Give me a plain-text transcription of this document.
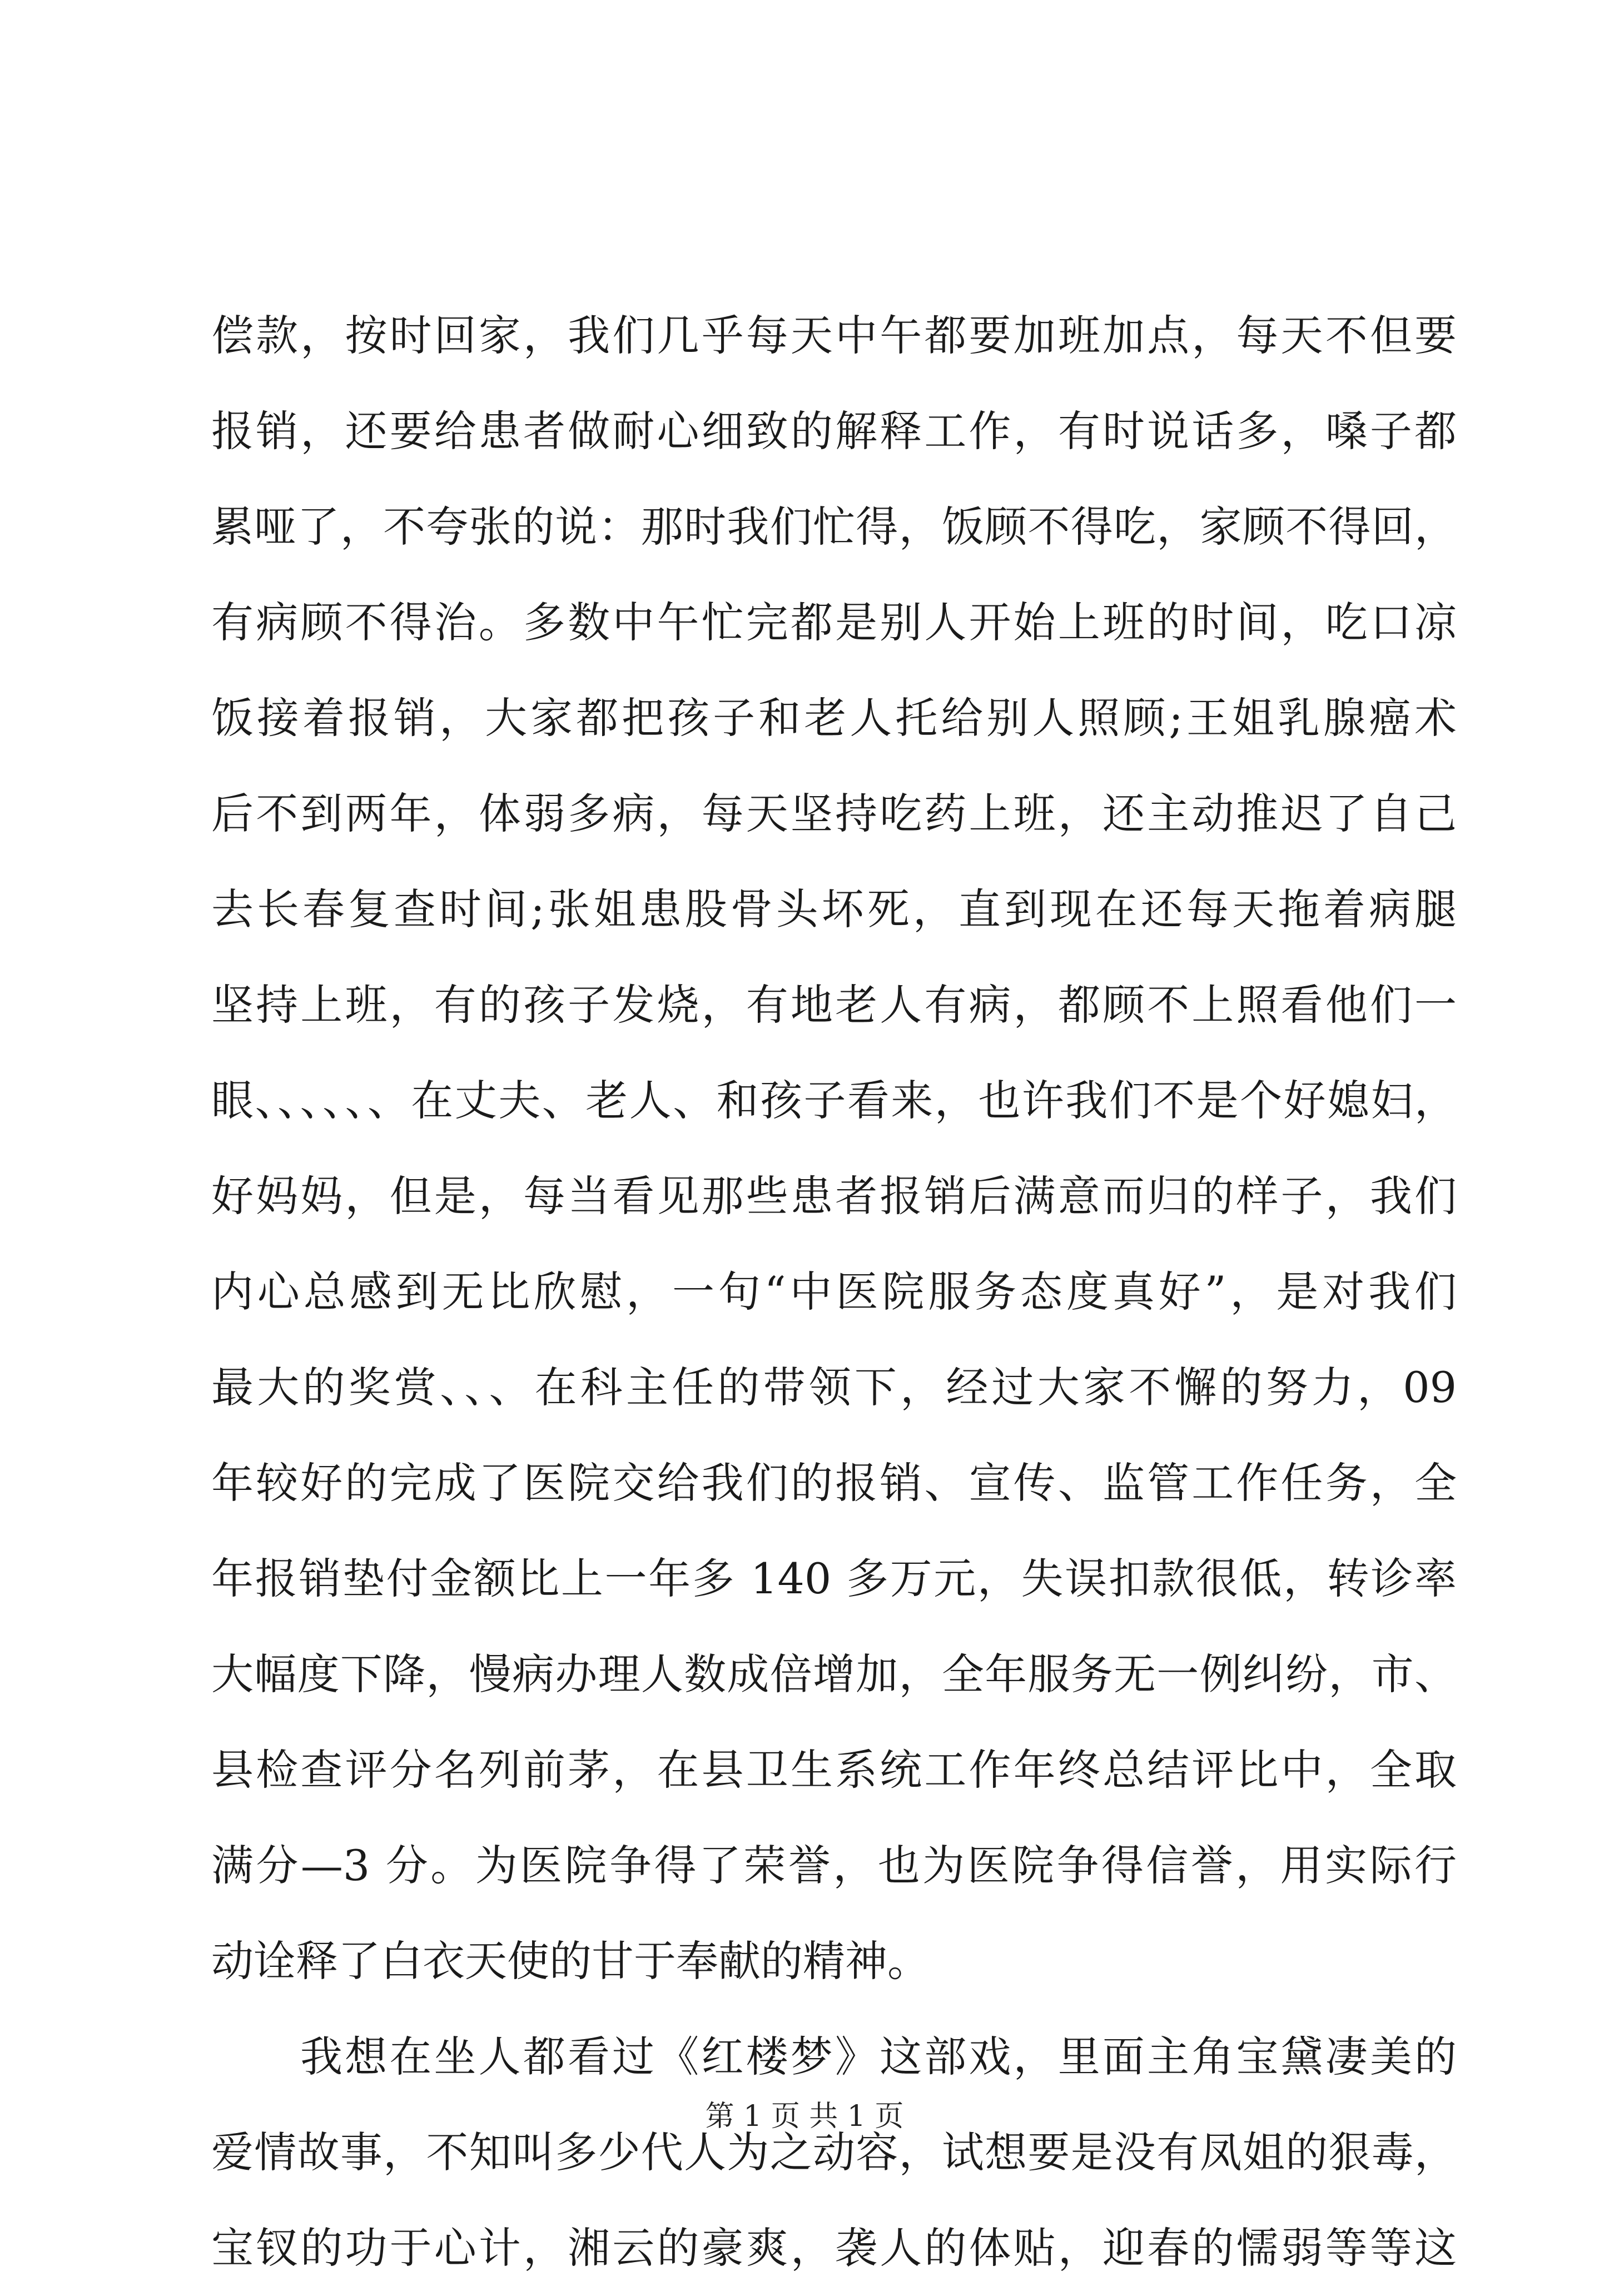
偿款，按时回家，我们几乎每天中午都要加班加点，每天不但要
报销，还要给患者做耐心细致的解释工作，有时说话多，嗓子都
累哑了，不夸张的说：那时我们忙得，饭顾不得吃，家顾不得回，
有病顾不得治。多数中午忙完都是别人开始上班的时间，吃口凉
饭接着报销，大家都把孩子和老人托给别人照顾;王姐乳腺癌术
后不到两年，体弱多病，每天坚持吃药上班，还主动推迟了自己
去长春复查时间;张姐患股骨头坏死，直到现在还每天拖着病腿
坚持上班，有的孩子发烧，有地老人有病，都顾不上照看他们一
眼、、、、、、在丈夫、老人、和孩子看来，也许我们不是个好媳妇，
好妈妈，但是，每当看见那些患者报销后满意而归的样子，我们
内心总感到无比欣慰，一句“中医院服务态度真好”，是对我们
最大的奖赏、、、在科主任的带领下，经过大家不懈的努力，09
年较好的完成了医院交给我们的报销、宣传、监管工作任务，全
年报销垫付金额比上一年多 140 多万元，失误扣款很低，转诊率
大幅度下降，慢病办理人数成倍增加，全年服务无一例纠纷，市、
县检查评分名列前茅，在县卫生系统工作年终总结评比中，全取
满分—3 分。为医院争得了荣誉，也为医院争得信誉，用实际行
动诠释了白衣天使的甘于奉献的精神。
我想在坐人都看过《红楼梦》这部戏，里面主角宝黛凄美的
爱情故事，不知叫多少代人为之动容，试想要是没有凤姐的狠毒，
宝钗的功于心计，湘云的豪爽，袭人的体贴，迎春的懦弱等等这
第 1 页 共 1 页
